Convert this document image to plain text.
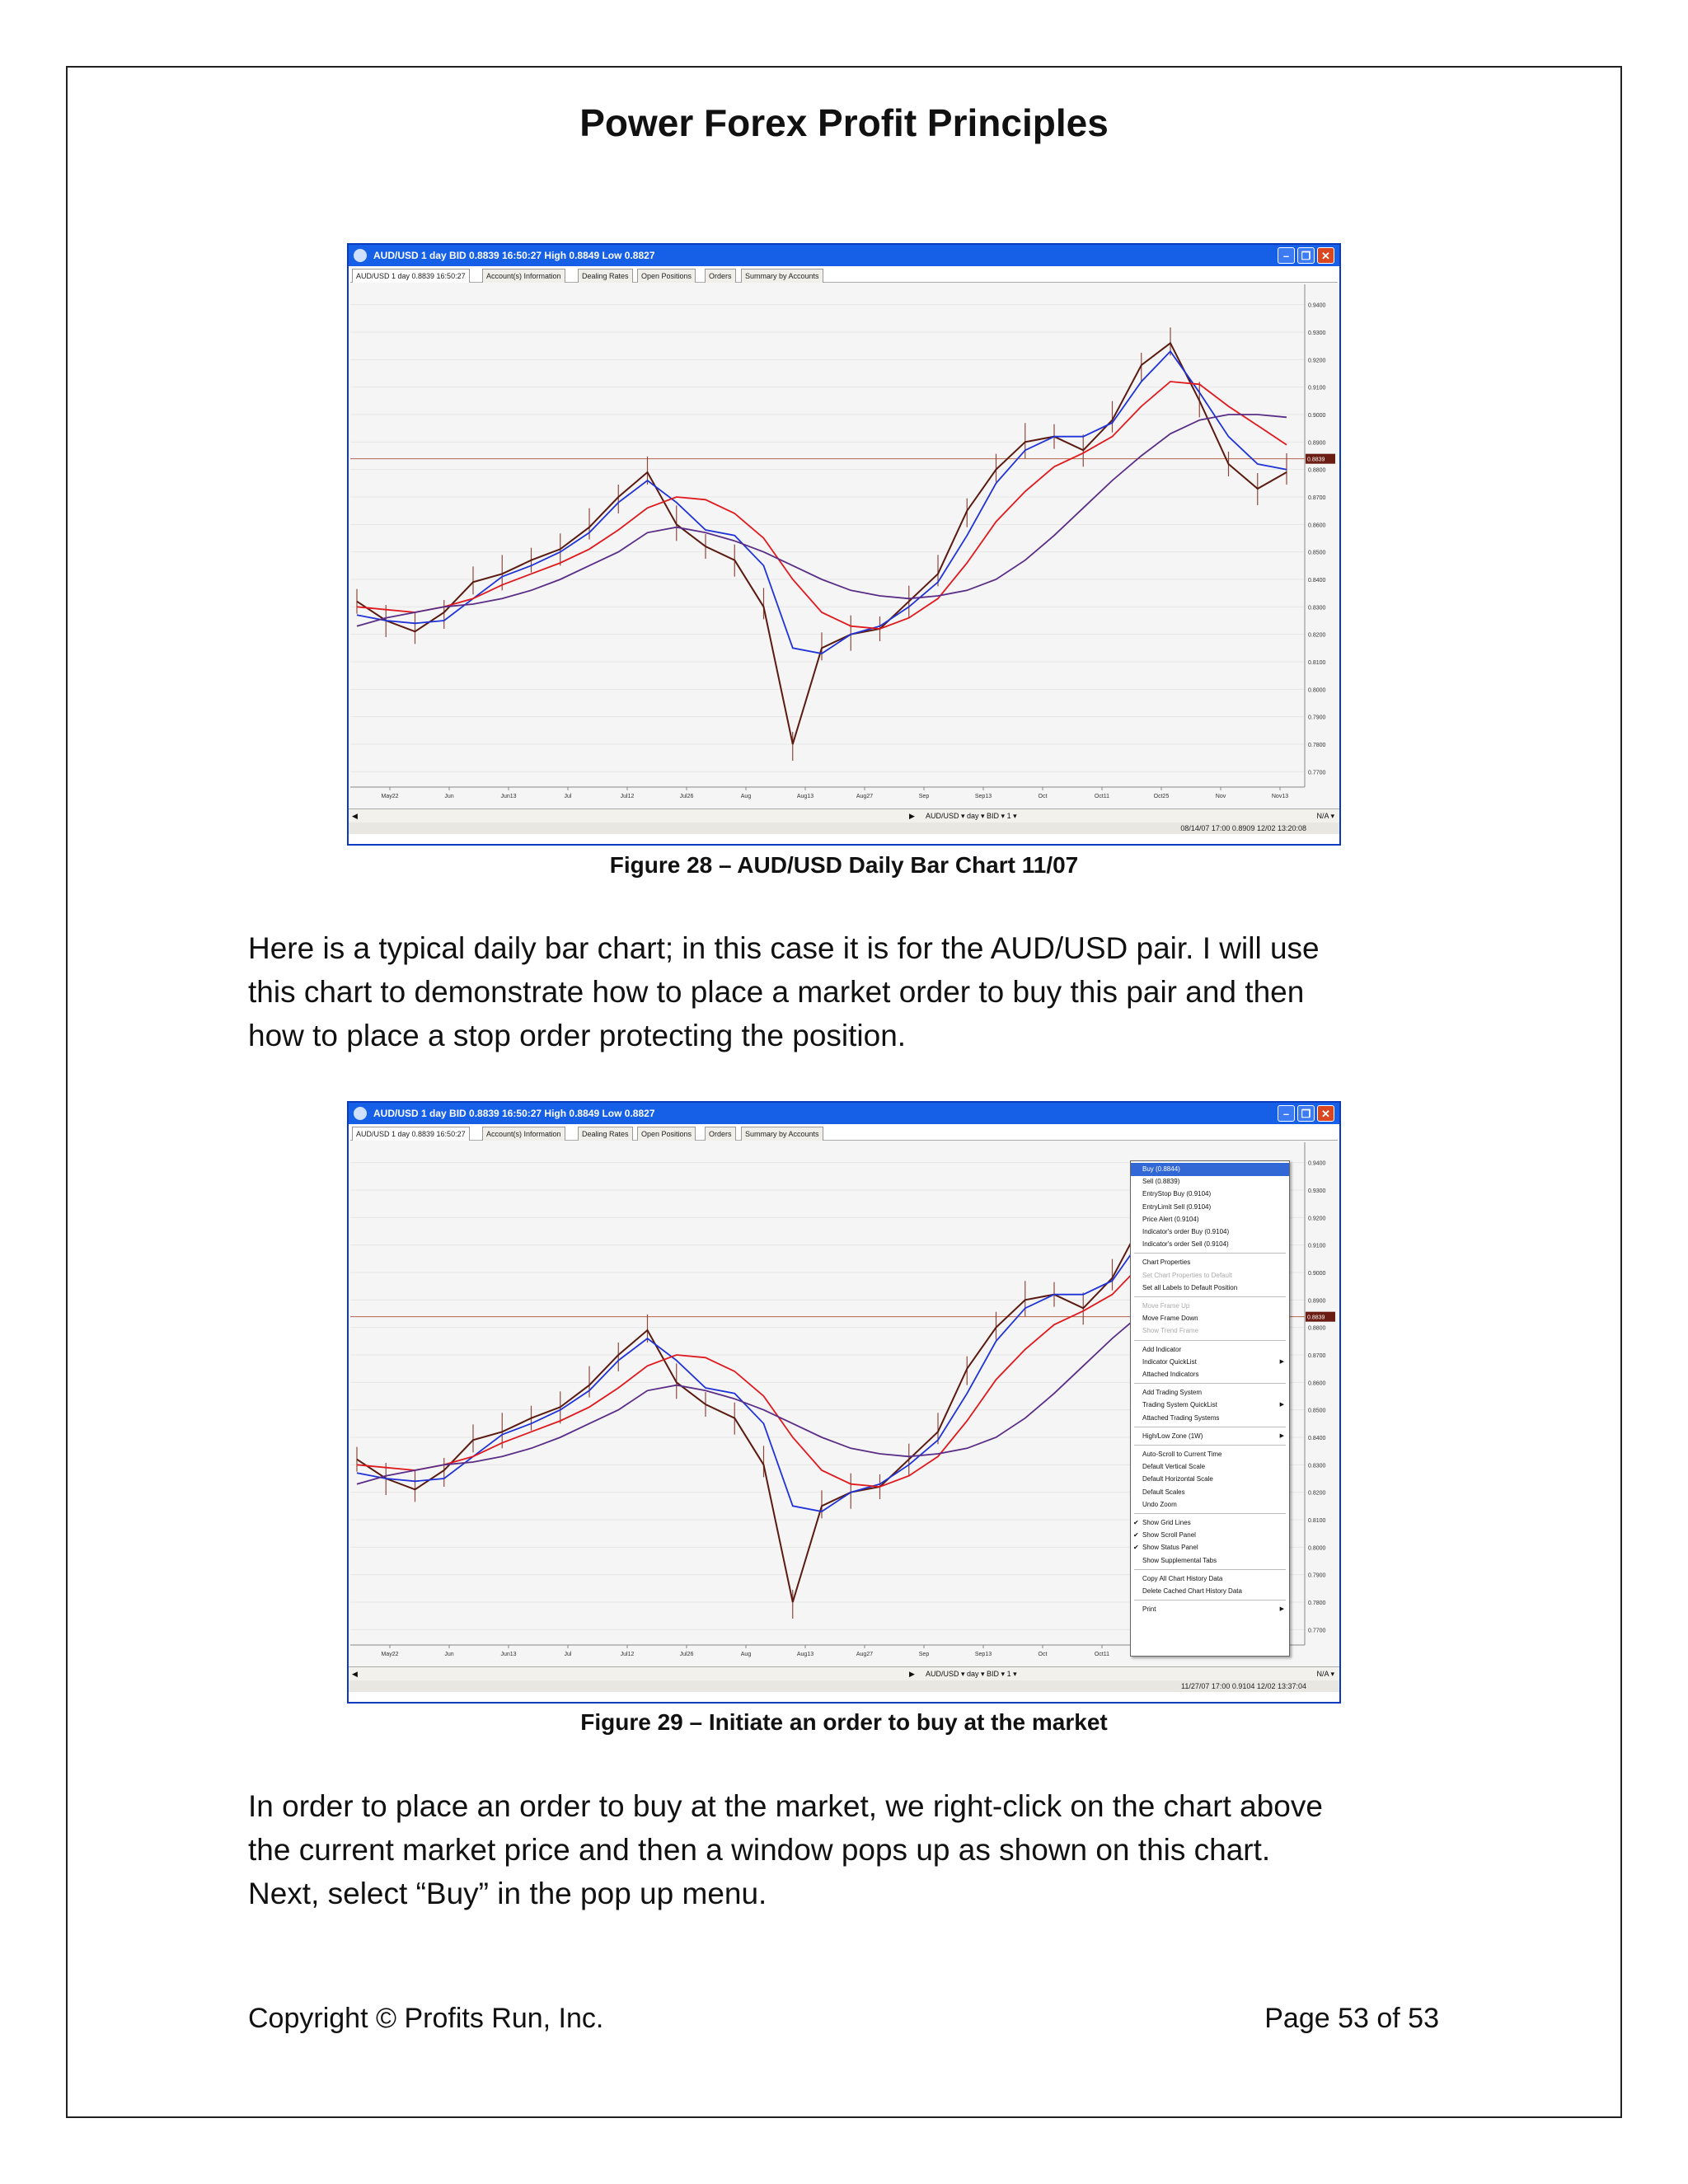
Power Forex Profit Principles
AUD/USD 1 day BID 0.8839 16:50:27 High 0.8849 Low 0.8827	–	❐ ✕
AUD/USD 1 day 0.8839 16:50:27	Account(s) Information	Dealing Rates	Open Positions	Orders	Summary by Accounts
0.9400
0.9300
0.9200
0.9100
0.9000
0.8900
0.8800
0.8700
0.8600
0.8500
0.8400
0.8300
0.8200
0.8100
0.8000
0.7900
0.7800
0.7700
May22	Jun	Jun13	Jul	Jul12	Jul26	Aug	Aug13	Aug27	Sep	Sep13	Oct	Oct11	Oct25	Nov	Nov13
0.8839
◀	▶ AUD/USD ▾ day ▾ BID ▾ 1 ▾	N/A ▾
08/14/07 17:00 0.8909 12/02 13:20:08
Figure 28 – AUD/USD Daily Bar Chart 11/07

Here is a typical daily bar chart; in this case it is for the AUD/USD pair. I will use
this chart to demonstrate how to place a market order to buy this pair and then
how to place a stop order protecting the position.

AUD/USD 1 day BID 0.8839 16:50:27 High 0.8849 Low 0.8827	–	❐ ✕
AUD/USD 1 day 0.8839 16:50:27	Account(s) Information	Dealing Rates	Open Positions	Orders	Summary by Accounts
0.9400
0.9300
0.9200
0.9100
0.9000
0.8900
0.8800
0.8700
0.8600
0.8500
0.8400
0.8300
0.8200
0.8100
0.8000
0.7900
0.7800
0.7700
May22	Jun	Jun13	Jul	Jul12	Jul26	Aug	Aug13	Aug27	Sep	Sep13	Oct	Oct11
0.8839
◀	▶ AUD/USD ▾ day ▾ BID ▾ 1 ▾	N/A ▾
11/27/07 17:00 0.9104 12/02 13:37:04
Buy (0.8844)
Sell (0.8839)
EntryStop Buy (0.9104)
EntryLimit Sell (0.9104)
Price Alert (0.9104)
Indicator's order Buy (0.9104)
Indicator's order Sell (0.9104)
Chart Properties
Set Chart Properties to Default
Set all Labels to Default Position
Move Frame Up
Move Frame Down
Show Trend Frame
Add Indicator
Indicator QuickList	▶
Attached Indicators
Add Trading System
Trading System QuickList	▶
Attached Trading Systems
High/Low Zone (1W)	▶
Auto-Scroll to Current Time
Default Vertical Scale
Default Horizontal Scale
Default Scales
Undo Zoom
Show Grid Lines
✔
Show Scroll Panel
✔
Show Status Panel
✔
Show Supplemental Tabs
Copy All Chart History Data
Delete Cached Chart History Data
Print	▶
Figure 29 – Initiate an order to buy at the market

In order to place an order to buy at the market, we right-click on the chart above
the current market price and then a window pops up as shown on this chart.
Next, select “Buy” in the pop up menu.

Copyright © Profits Run, Inc.	Page 53 of 53
